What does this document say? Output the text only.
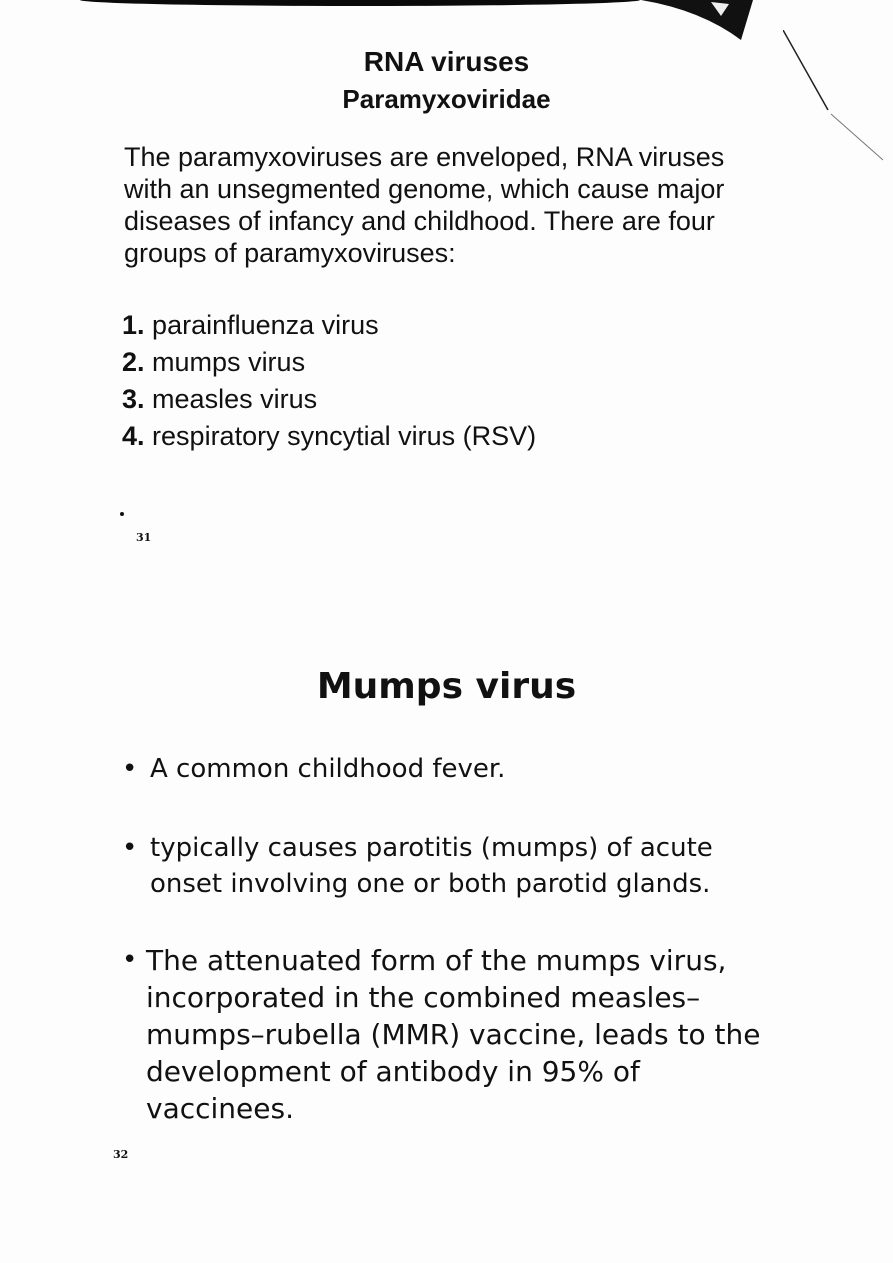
RNA viruses
Paramyxoviridae

The paramyxoviruses are enveloped, RNA viruses with an unsegmented genome, which cause major diseases of infancy and childhood. There are four groups of paramyxoviruses:

1. parainfluenza virus
2. mumps virus
3. measles virus
4. respiratory syncytial virus (RSV)
31
Mumps virus
• A common childhood fever.
• typically causes parotitis (mumps) of acute onset involving one or both parotid glands.
• The attenuated form of the mumps virus, incorporated in the combined measles–mumps–rubella (MMR) vaccine, leads to the development of antibody in 95% of vaccinees.
32
